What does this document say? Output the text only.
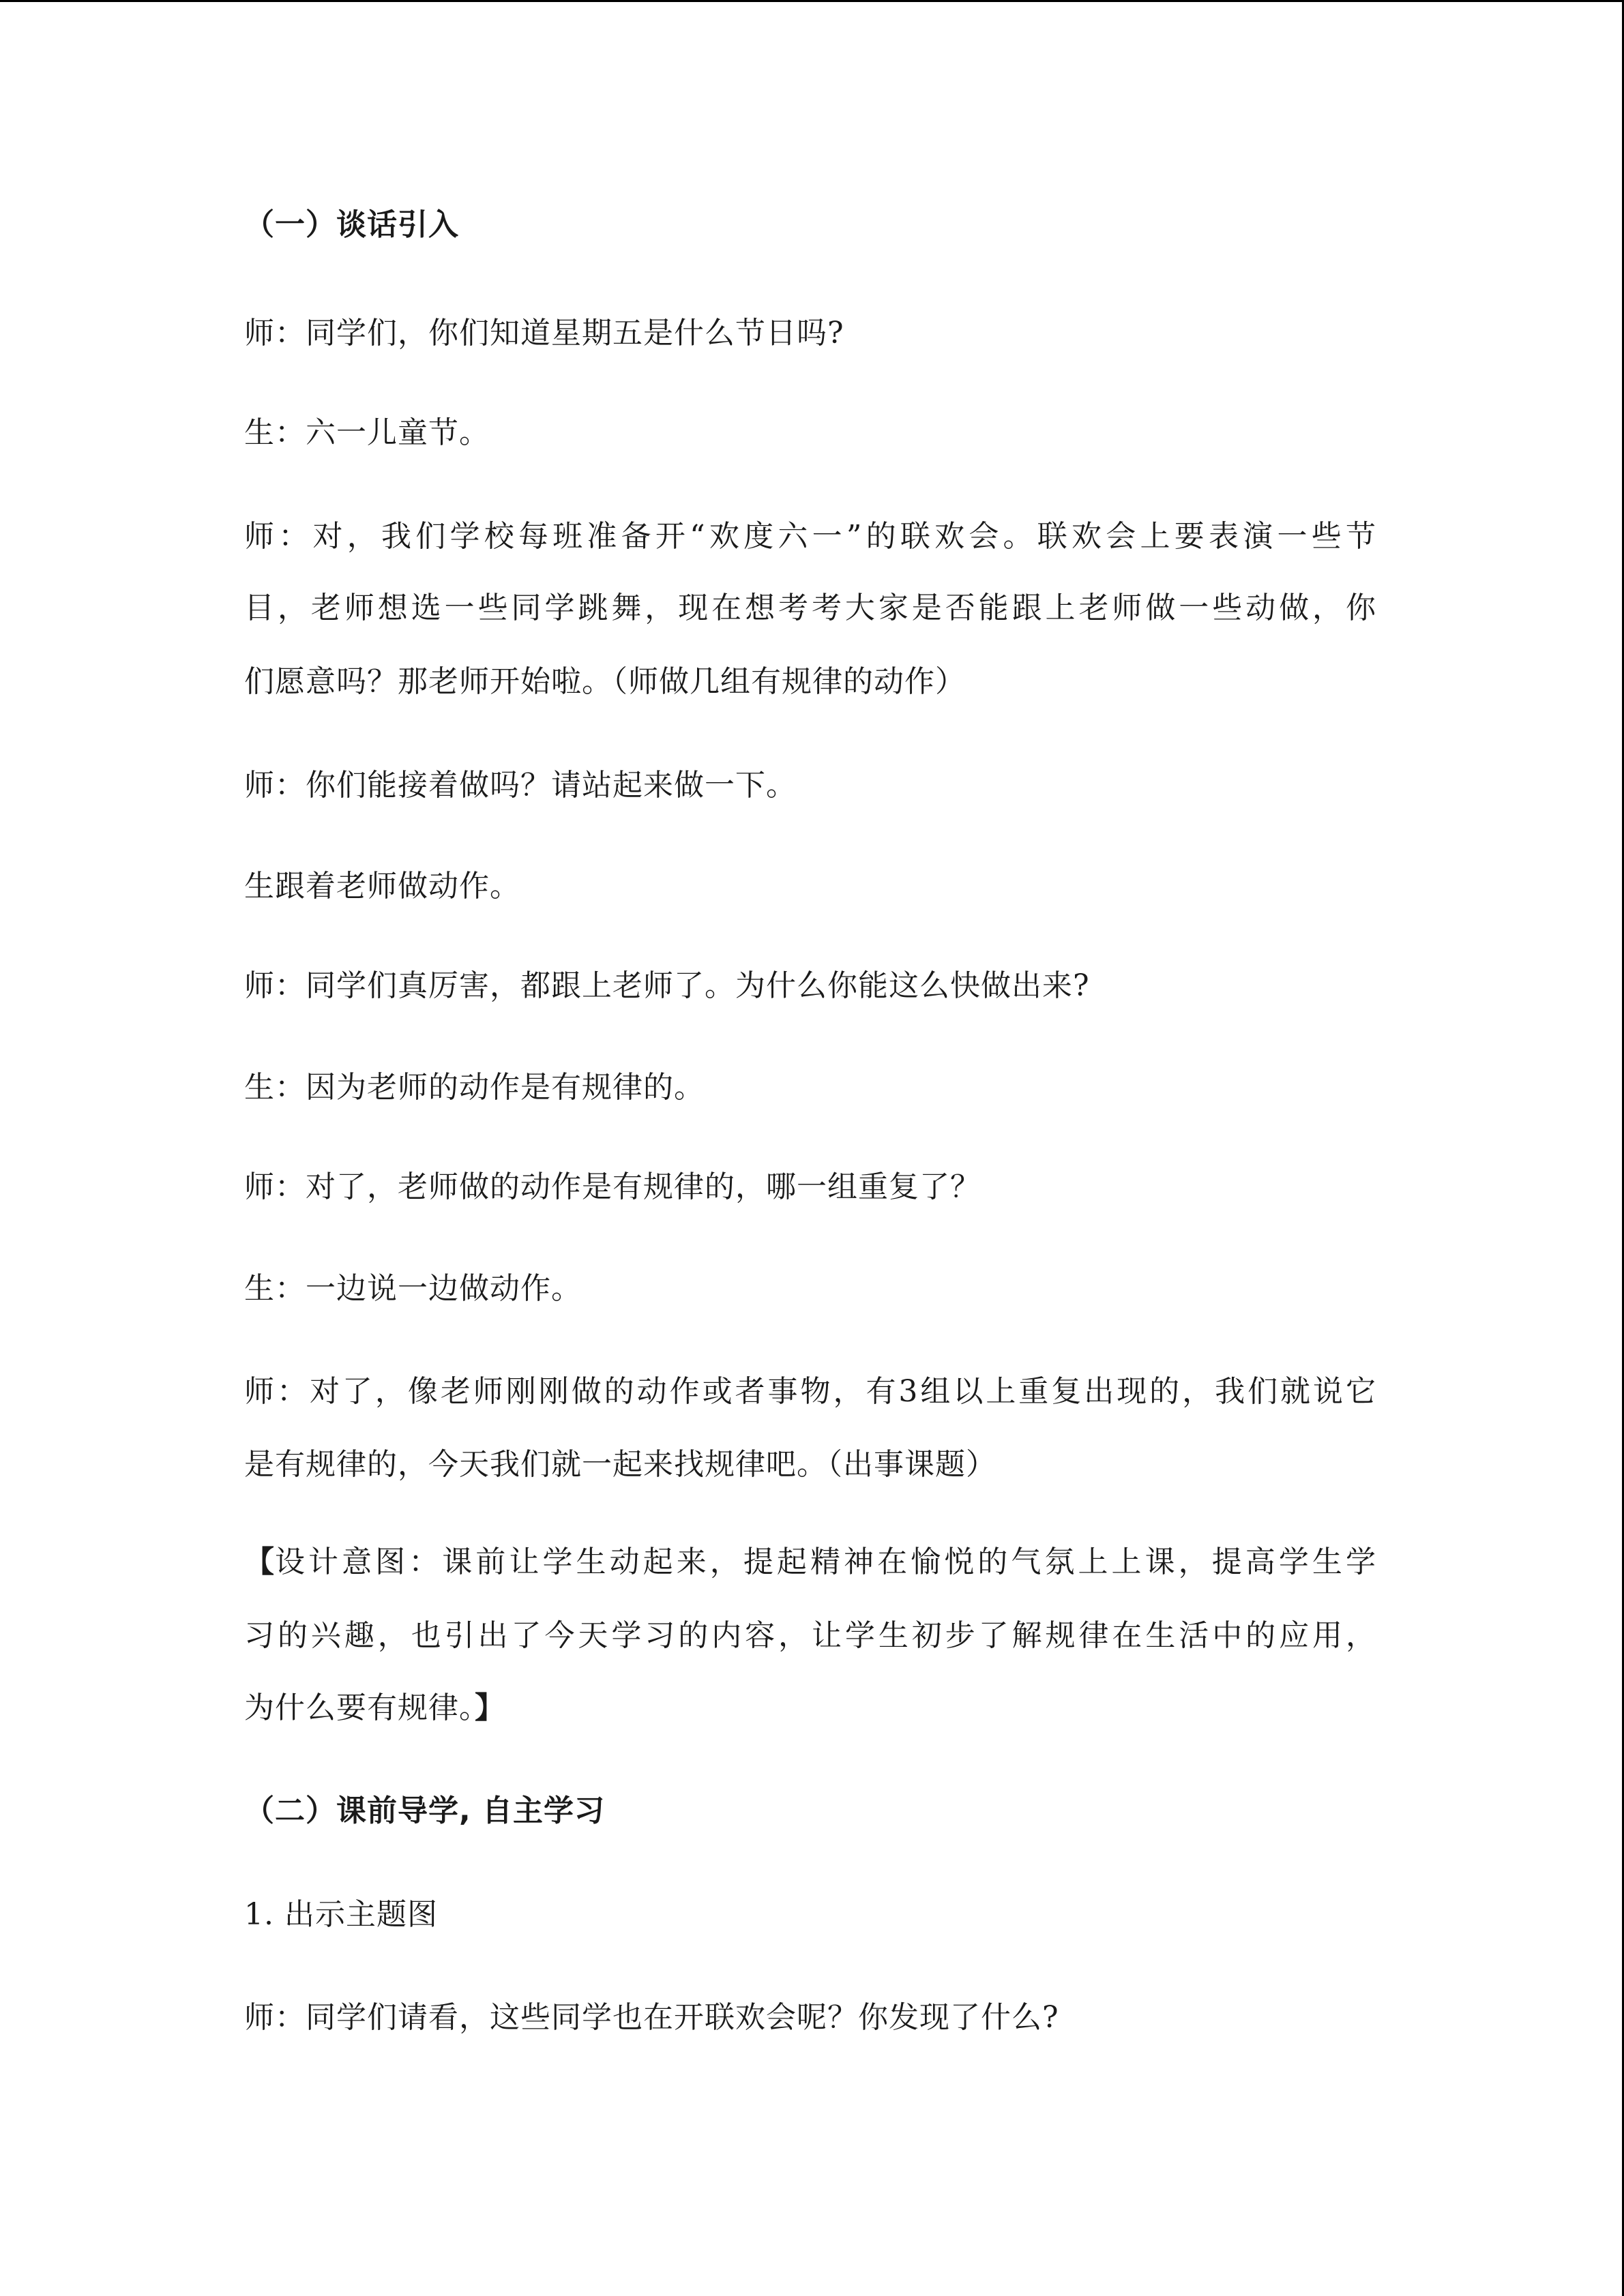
（一）谈话引入
师：同学们，你们知道星期五是什么节日吗?
生：六一儿童节。
师：对，我们学校每班准备开“欢度六一”的联欢会。联欢会上要表演一些节
目，老师想选一些同学跳舞，现在想考考大家是否能跟上老师做一些动做，你
们愿意吗？那老师开始啦。（师做几组有规律的动作）
师：你们能接着做吗？请站起来做一下。
生跟着老师做动作。
师：同学们真厉害，都跟上老师了。为什么你能这么快做出来?
生：因为老师的动作是有规律的。
师：对了，老师做的动作是有规律的，哪一组重复了？
生：一边说一边做动作。
师：对了，像老师刚刚做的动作或者事物，有3组以上重复出现的，我们就说它
是有规律的，今天我们就一起来找规律吧。（出事课题）
【 设计意图：课前让学生动起来，提起精神在愉悦的气氛上上课，提高学生学
习的兴趣，也引出了今天学习的内容，让学生初步了解规律在生活中的应用，
为什么要有规律。】
（二）课前导学, 自主学习
1. 出示主题图
师：同学们请看，这些同学也在开联欢会呢？你发现了什么?
